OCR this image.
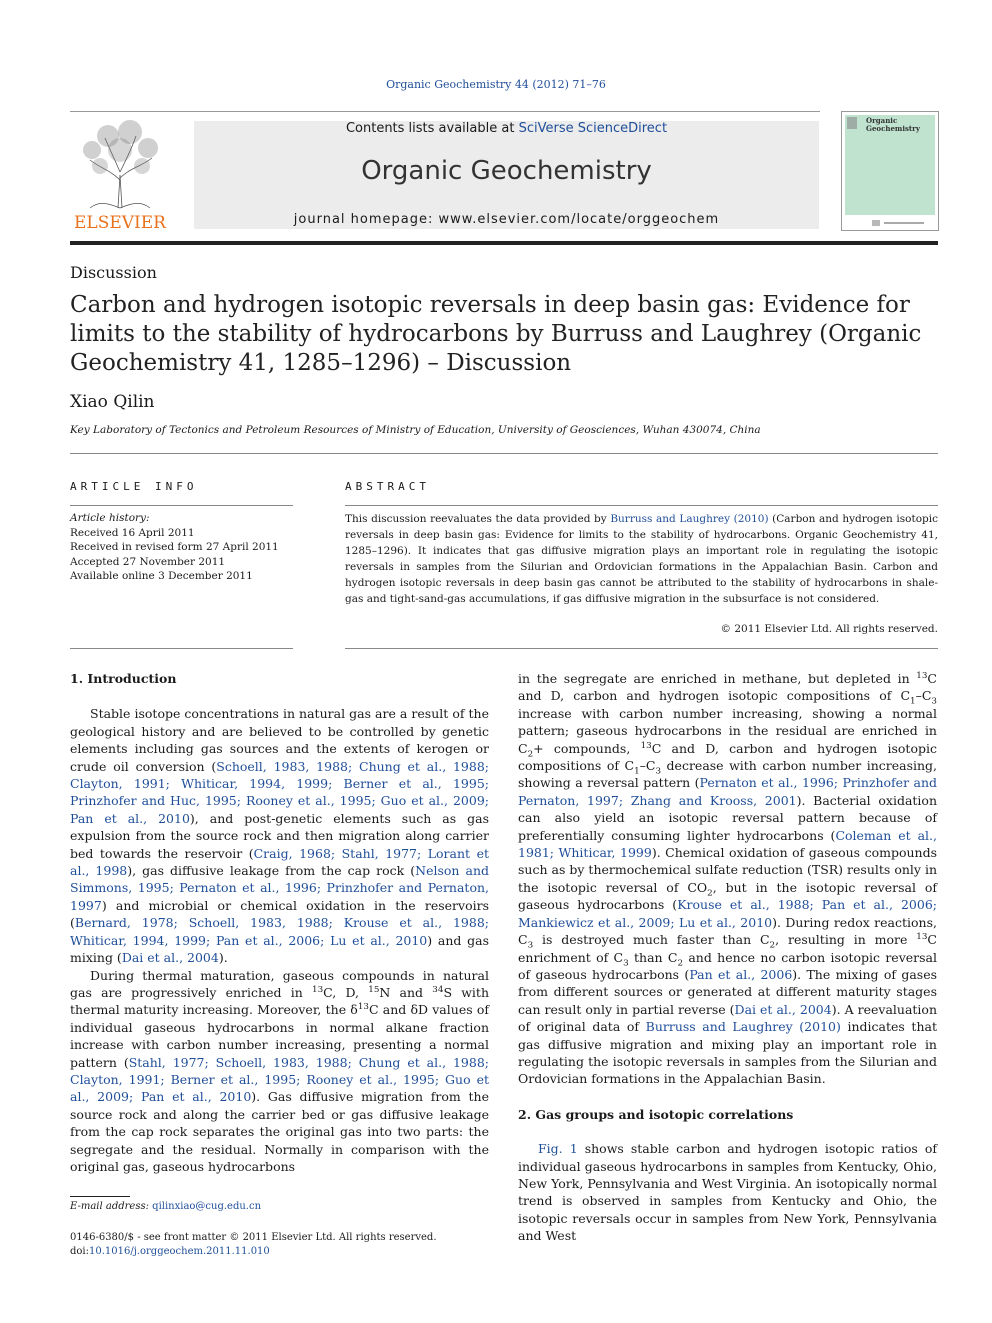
Organic Geochemistry 44 (2012) 71–76
ELSEVIER
Contents lists available at SciVerse ScienceDirect
Organic Geochemistry
journal homepage: www.elsevier.com/locate/orggeochem
Organic
Geochemistry
Discussion
Carbon and hydrogen isotopic reversals in deep basin gas: Evidence for limits to the stability of hydrocarbons by Burruss and Laughrey (Organic Geochemistry 41, 1285–1296) – Discussion
Xiao Qilin
Key Laboratory of Tectonics and Petroleum Resources of Ministry of Education, University of Geosciences, Wuhan 430074, China
ARTICLE INFO	ABSTRACT
Article history:
Received 16 April 2011
Received in revised form 27 April 2011
Accepted 27 November 2011
Available online 3 December 2011
This discussion reevaluates the data provided by Burruss and Laughrey (2010) (Carbon and hydrogen isotopic reversals in deep basin gas: Evidence for limits to the stability of hydrocarbons. Organic Geochemistry 41, 1285–1296). It indicates that gas diffusive migration plays an important role in regulating the isotopic reversals in samples from the Silurian and Ordovician formations in the Appalachian Basin. Carbon and hydrogen isotopic reversals in deep basin gas cannot be attributed to the stability of hydrocarbons in shale-gas and tight-sand-gas accumulations, if gas diffusive migration in the subsurface is not considered.
© 2011 Elsevier Ltd. All rights reserved.
1. Introduction

Stable isotope concentrations in natural gas are a result of the geological history and are believed to be controlled by genetic elements including gas sources and the extents of kerogen or crude oil conversion (Schoell, 1983, 1988; Chung et al., 1988; Clayton, 1991; Whiticar, 1994, 1999; Berner et al., 1995; Prinzhofer and Huc, 1995; Rooney et al., 1995; Guo et al., 2009; Pan et al., 2010), and post-genetic elements such as gas expulsion from the source rock and then migration along carrier bed towards the reservoir (Craig, 1968; Stahl, 1977; Lorant et al., 1998), gas diffusive leakage from the cap rock (Nelson and Simmons, 1995; Pernaton et al., 1996; Prinzhofer and Pernaton, 1997) and microbial or chemical oxidation in the reservoirs (Bernard, 1978; Schoell, 1983, 1988; Krouse et al., 1988; Whiticar, 1994, 1999; Pan et al., 2006; Lu et al., 2010) and gas mixing (Dai et al., 2004).

During thermal maturation, gaseous compounds in natural gas are progressively enriched in $^{13}$C, D, $^{15}$N and $^{34}$S with thermal maturity increasing. Moreover, the $\delta^{13}C$ and δD values of individual gaseous hydrocarbons in normal alkane fraction increase with carbon number increasing, presenting a normal pattern (Stahl, 1977; Schoell, 1983, 1988; Chung et al., 1988; Clayton, 1991; Berner et al., 1995; Rooney et al., 1995; Guo et al., 2009; Pan et al., 2010). Gas diffusive migration from the source rock and along the carrier bed or gas diffusive leakage from the cap rock separates the original gas into two parts: the segregate and the residual. Normally in comparison with the original gas, gaseous hydrocarbons

in the segregate are enriched in methane, but depleted in $^{13}$C and D, carbon and hydrogen isotopic compositions of $C_1-C_3$ increase with carbon number increasing, showing a normal pattern; gaseous hydrocarbons in the residual are enriched in $C_2+$ compounds, $^{13}$C and D, carbon and hydrogen isotopic compositions of $C_1-C_3$ decrease with carbon number increasing, showing a reversal pattern (Pernaton et al., 1996; Prinzhofer and Pernaton, 1997; Zhang and Krooss, 2001). Bacterial oxidation can also yield an isotopic reversal pattern because of preferentially consuming lighter hydrocarbons (Coleman et al., 1981; Whiticar, 1999). Chemical oxidation of gaseous compounds such as by thermochemical sulfate reduction (TSR) results only in the isotopic reversal of $CO_2$, but in the isotopic reversal of gaseous hydrocarbons (Krouse et al., 1988; Pan et al., 2006; Mankiewicz et al., 2009; Lu et al., 2010). During redox reactions, $C_3$ is destroyed much faster than $C_2$, resulting in more $^{13}$C enrichment of $C_3$ than $C_2$ and hence no carbon isotopic reversal of gaseous hydrocarbons (Pan et al., 2006). The mixing of gases from different sources or generated at different maturity stages can result only in partial reverse (Dai et al., 2004). A reevaluation of original data of Burruss and Laughrey (2010) indicates that gas diffusive migration and mixing play an important role in regulating the isotopic reversals in samples from the Silurian and Ordovician formations in the Appalachian Basin.

2. Gas groups and isotopic correlations

Fig. 1 shows stable carbon and hydrogen isotopic ratios of individual gaseous hydrocarbons in samples from Kentucky, Ohio, New York, Pennsylvania and West Virginia. An isotopically normal trend is observed in samples from Kentucky and Ohio, the isotopic reversals occur in samples from New York, Pennsylvania and West

E-mail address: qilinxiao@cug.edu.cn
0146-6380/$ - see front matter © 2011 Elsevier Ltd. All rights reserved.
doi:10.1016/j.orggeochem.2011.11.010
